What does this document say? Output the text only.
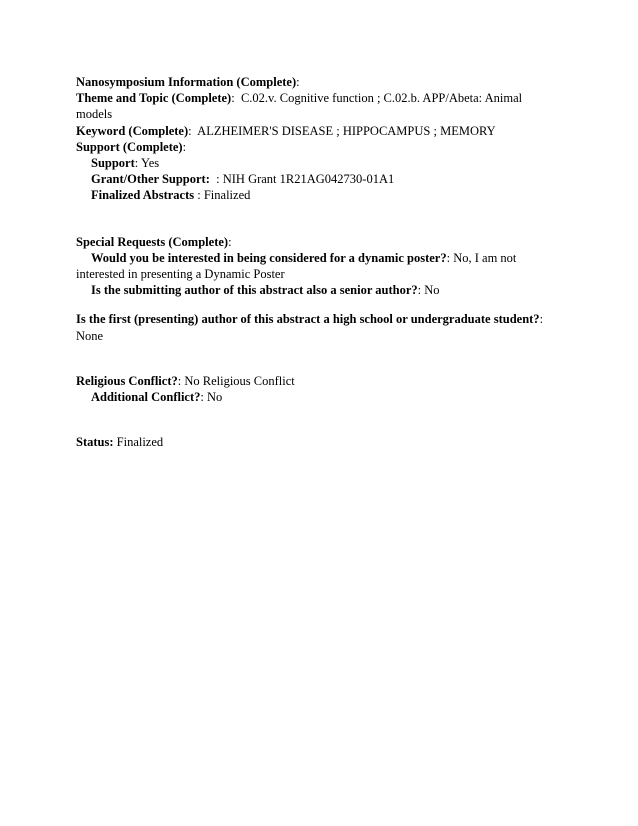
Nanosymposium Information (Complete):
Theme and Topic (Complete): C.02.v. Cognitive function ; C.02.b. APP/Abeta: Animal models
Keyword (Complete): ALZHEIMER'S DISEASE ; HIPPOCAMPUS ; MEMORY
Support (Complete):
Support: Yes
Grant/Other Support: : NIH Grant 1R21AG042730-01A1
Finalized Abstracts : Finalized
Special Requests (Complete):
Would you be interested in being considered for a dynamic poster?: No, I am not interested in presenting a Dynamic Poster
Is the submitting author of this abstract also a senior author?: No
Is the first (presenting) author of this abstract a high school or undergraduate student?: None
Religious Conflict?: No Religious Conflict
Additional Conflict?: No
Status: Finalized
